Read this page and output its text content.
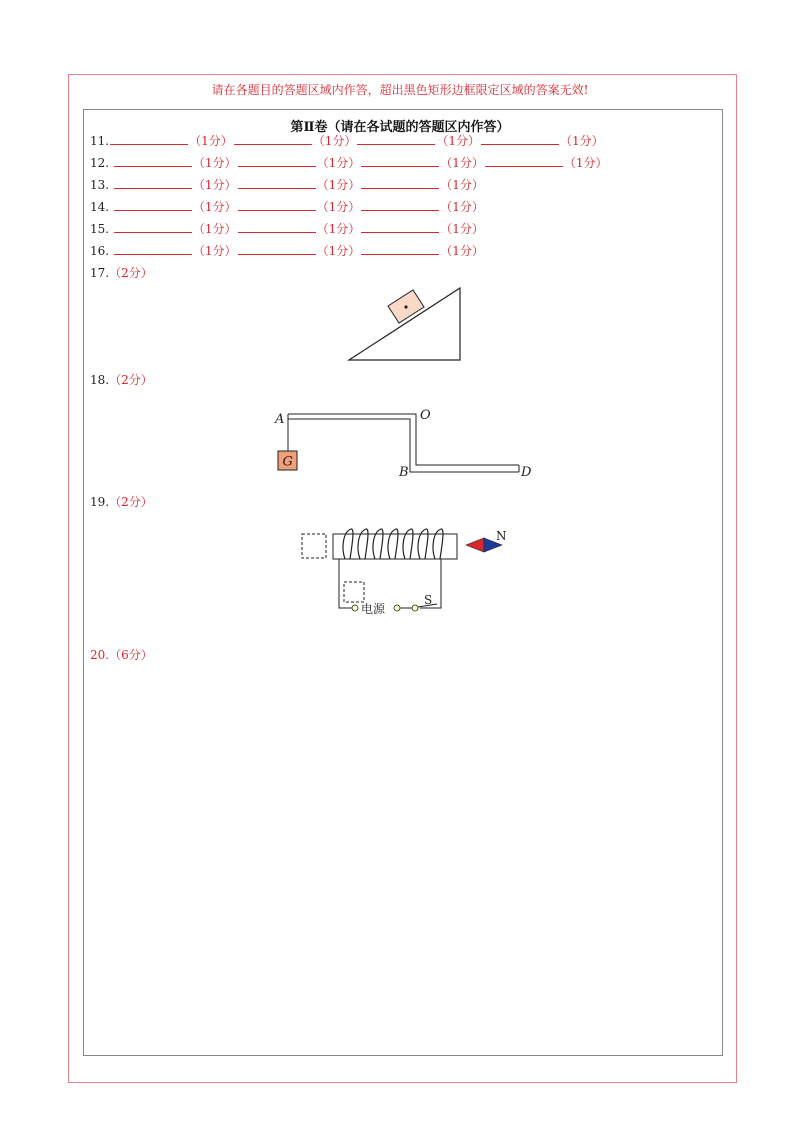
请在各题目的答题区域内作答，超出黑色矩形边框限定区域的答案无效!
第Ⅱ卷（请在各试题的答题区内作答）
11.	（1分）	（1分）	（1分）	（1分）
12.	（1分）	（1分）	（1分）	（1分）
13.	（1分）	（1分）	（1分）
14.	（1分）	（1分）	（1分）
15.	（1分）	（1分）	（1分）
16.	（1分）	（1分）	（1分）
17.（2分）
18.（2分）
G
A	O
B	D
19.（2分）
N
电源
S
20.（6分）
